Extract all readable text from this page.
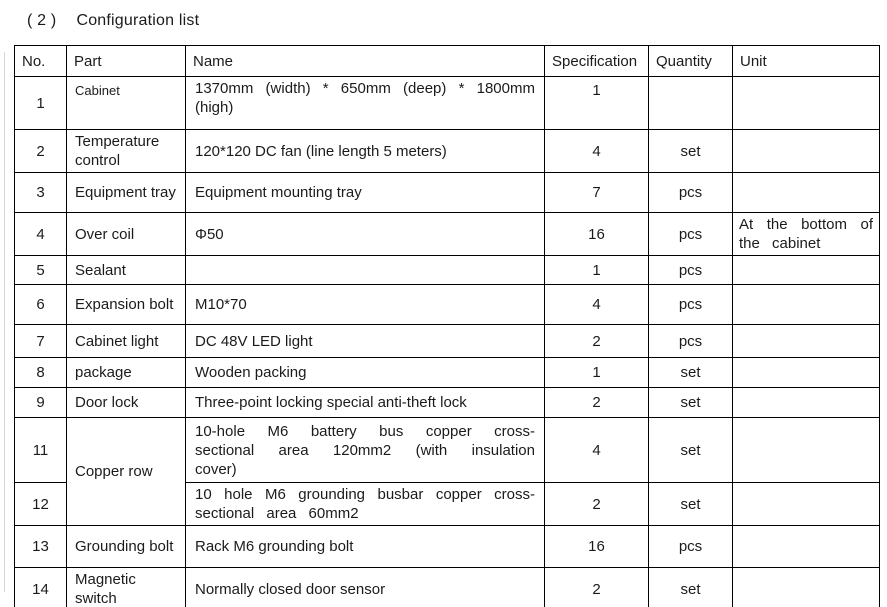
( 2 ) Configuration list
No.	Part	Name	Specification	Quantity	Unit
1	Cabinet	1370mm (width) * 650mm (deep) * 1800mm (high)	1		
2	Temperature control	120*120 DC fan (line length 5 meters)	4	set	
3	Equipment tray	Equipment mounting tray	7	pcs	
4	Over coil	Φ50	16	pcs	At the bottom of the cabinet
5	Sealant		1	pcs	
6	Expansion bolt	M10*70	4	pcs	
7	Cabinet light	DC 48V LED light	2	pcs	
8	package	Wooden packing	1	set	
9	Door lock	Three-point locking special anti-theft lock	2	set	
11	Copper row	10-hole M6 battery bus copper cross-sectional area 120mm2 (with insulation cover)	4	set	
12		10 hole M6 grounding busbar copper cross-sectional area 60mm2	2	set	
13	Grounding bolt	Rack M6 grounding bolt	16	pcs	
14	Magnetic switch	Normally closed door sensor	2	set	
